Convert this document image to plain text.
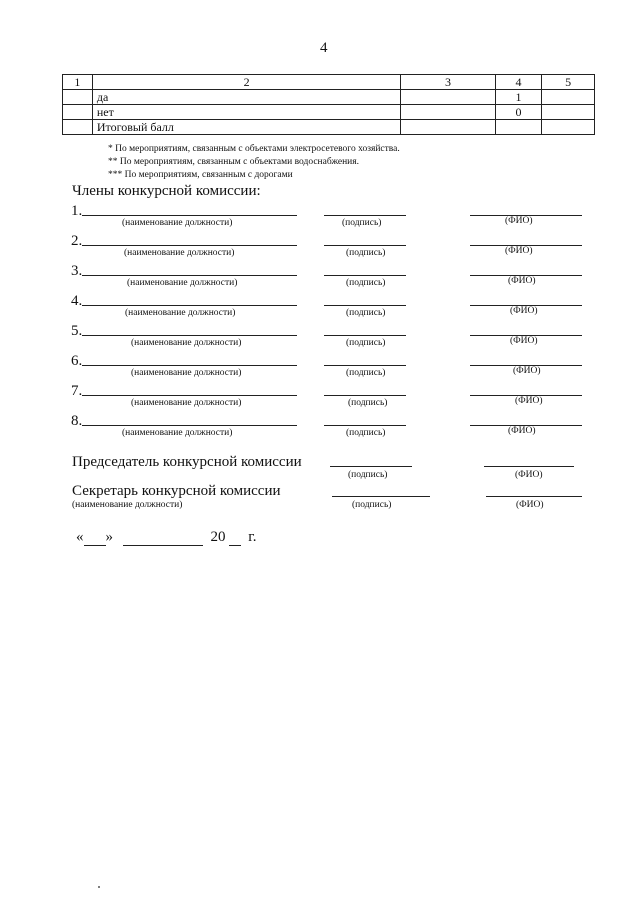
4
1	2	3	4	5
	да		1	
	нет		0	
	Итоговый балл			
* По мероприятиям, связанным с объектами электросетевого хозяйства.
** По мероприятиям, связанным с объектами водоснабжения.
*** По мероприятиям, связанным с дорогами
Члены конкурсной комиссии:
1.
(наименование должности)	(подпись)	(ФИО)
2.
(наименование должности)	(подпись)	(ФИО)
3.
(наименование должности)	(подпись)	(ФИО)
4.
(наименование должности)	(подпись)	(ФИО)
5.
(наименование должности)	(подпись)	(ФИО)
6.
(наименование должности)	(подпись)	(ФИО)
7.
(наименование должности)	(подпись)	(ФИО)
8.
(наименование должности)	(подпись)	(ФИО)
Председатель конкурсной комиссии
(подпись)	(ФИО)
Секретарь конкурсной комиссии
(наименование должности)	(подпись)	(ФИО)
« »	20 г.
